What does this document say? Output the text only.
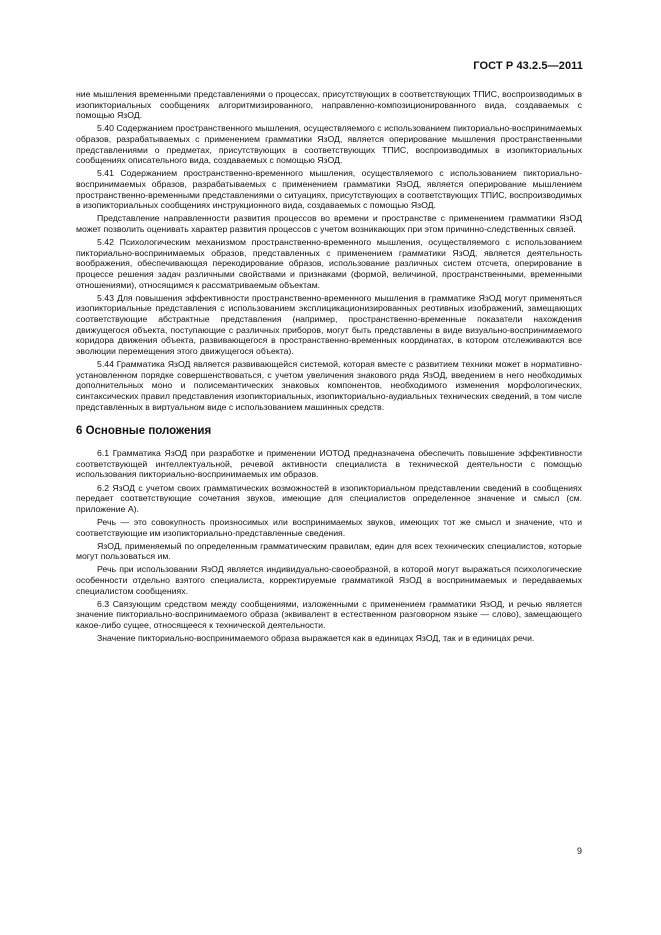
ГОСТ Р 43.2.5—2011

ние мышления временными представлениями о процессах, присутствующих в соответствующих ТПИС, воспроизводимых в изопикториальных сообщениях алгоритмизированного, направленно-композиционированного вида, создаваемых с помощью ЯзОД.

5.40 Содержанием пространственного мышления, осуществляемого с использованием пикториально-воспринимаемых образов, разрабатываемых с применением грамматики ЯзОД, является оперирование мышления пространственными представлениями о предметах, присутствующих в соответствующих ТПИС, воспроизводимых в изопикториальных сообщениях описательного вида, создаваемых с помощью ЯзОД.

5.41 Содержанием пространственно-временного мышления, осуществляемого с использованием пикториально-воспринимаемых образов, разрабатываемых с применением грамматики ЯзОД, является оперирование мышлением пространственно-временными представлениями о ситуациях, присутствующих в соответствующих ТПИС, воспроизводимых в изопикториальных сообщениях инструкционного вида, создаваемых с помощью ЯзОД.

Представление направленности развития процессов во времени и пространстве с применением грамматики ЯзОД может позволить оценивать характер развития процессов с учетом возникающих при этом причинно-следственных связей.

5.42 Психологическим механизмом пространственно-временного мышления, осуществляемого с использованием пикториально-воспринимаемых образов, представленных с применением грамматики ЯзОД, является деятельность воображения, обеспечивающая перекодирование образов, использование различных систем отсчета, оперирование в процессе решения задач различными свойствами и признаками (формой, величиной, пространственными, временными отношениями), относящимся к рассматриваемым объектам.

5.43 Для повышения эффективности пространственно-временного мышления в грамматике ЯзОД могут применяться изопикториальные представления с использованием эксплицикационизированных реотивных изображений, замещающих соответствующие абстрактные представления (например, пространственно-временные показатели нахождения движущегося объекта, поступающие с различных приборов, могут быть представлены в виде визуально-воспринимаемого коридора движения объекта, развивающегося в пространственно-временных координатах, в котором отслеживаются все эволюции перемещения этого движущегося объекта).

5.44 Грамматика ЯзОД является развивающейся системой, которая вместе с развитием техники может в нормативно-установленном порядке совершенствоваться, с учетом увеличения знакового ряда ЯзОД, введением в него необходимых дополнительных моно и полисемантических знаковых компонентов, необходимого изменения морфологических, синтаксических правил представления изопикториальных, изопикториально-аудиальных технических сведений, в том числе представленных в виртуальном виде с использованием машинных средств.

6 Основные положения

6.1 Грамматика ЯзОД при разработке и применении ИОТОД предназначена обеспечить повышение эффективности соответствующей интеллектуальной, речевой активности специалиста в технической деятельности с помощью использования пикториально-воспринимаемых им образов.

6.2 ЯзОД с учетом своих грамматических возможностей в изопикториальном представлении сведений в сообщениях передает соответствующие сочетания звуков, имеющие для специалистов определенное значение и смысл (см. приложение А).

Речь — это совокупность произносимых или воспринимаемых звуков, имеющих тот же смысл и значение, что и соответствующие им изопикториально-представленные сведения.

ЯзОД, применяемый по определенным грамматическим правилам, един для всех технических специалистов, которые могут пользоваться им.

Речь при использовании ЯзОД является индивидуально-своеобразной, в которой могут выражаться психологические особенности отдельно взятого специалиста, корректируемые грамматикой ЯзОД в воспринимаемых и передаваемых специалистом сообщениях.

6.3 Связующим средством между сообщениями, изложенными с применением грамматики ЯзОД, и речью является значение пикториально-воспринимаемого образа (эквивалент в естественном разговорном языке — слово), замещающего какое-либо сущее, относящееся к технической деятельности.

Значение пикториально-воспринимаемого образа выражается как в единицах ЯзОД, так и в единицах речи.

9
